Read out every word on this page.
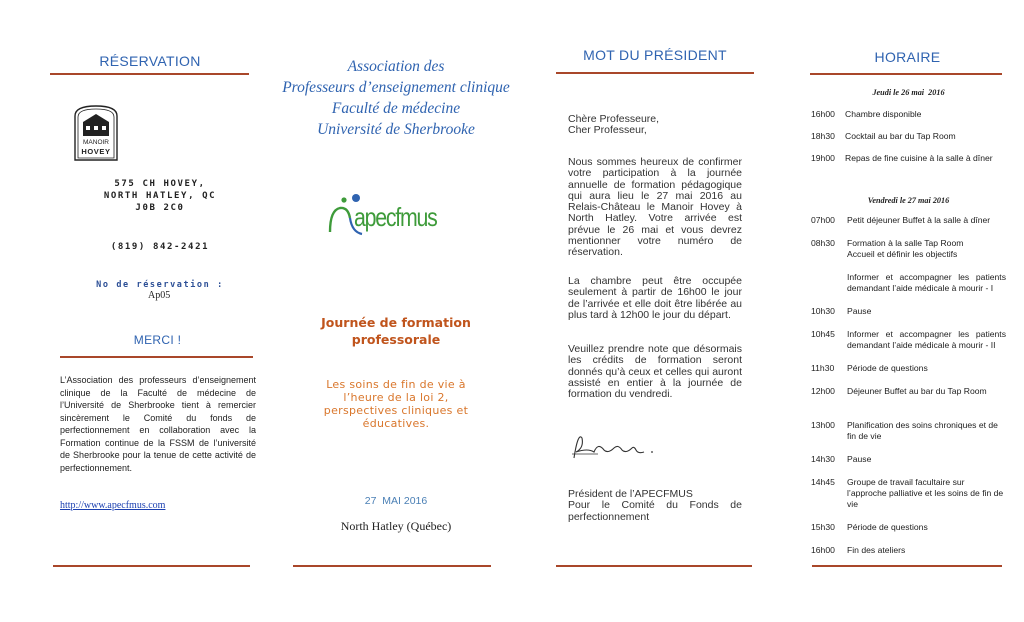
RÉSERVATION
MANOIR
HOVEY
575 CH HOVEY,
NORTH HATLEY, QC
J0B 2C0
(819) 842-2421
No de réservation :
Ap05
MERCI !
L’Association des professeurs d’enseignement clinique de la Faculté de médecine de l’Université de Sherbrooke tient à remercier sincèrement le Comité du fonds de perfectionnement en collaboration avec la Formation continue de la FSSM de l’université de Sherbrooke pour la tenue de cette activité de perfectionnement.
http://www.apecfmus.com
Association des
Professeurs d’enseignement clinique
Faculté de médecine
Université de Sherbrooke
apecfmus
Journée de formation
professorale
Les soins de fin de vie à
l’heure de la loi 2,
perspectives cliniques et
éducatives.
27  MAI 2016
North Hatley (Québec)
MOT DU PRÉSIDENT
Chère Professeure,
Cher Professeur,
Nous sommes heureux de confirmer votre participation à la journée annuelle de formation pédagogique qui aura lieu le 27 mai 2016 au Relais-Château le Manoir Hovey à North Hatley. Votre arrivée est prévue le 26 mai et vous devrez mentionner votre numéro de réservation.
La chambre peut être occupée seulement à partir de 16h00 le jour de l’arrivée et elle doit être libérée au plus tard à 12h00 le jour du départ.
Veuillez prendre note que désormais les crédits de formation seront donnés qu’à ceux et celles qui auront assisté en entier à la journée de formation du vendredi.
Président de l’APECFMUS
Pour le Comité du Fonds de perfectionnement
HORAIRE
Jeudi le 26 mai  2016
16h00 Chambre disponible
18h30 Cocktail au bar du Tap Room
19h00 Repas de fine cuisine à la salle à dîner
Vendredi le 27 mai 2016
07h00 Petit déjeuner Buffet à la salle à dîner
08h30 Formation à la salle Tap Room Accueil et définir les objectifs
Informer et accompagner les patients demandant l’aide médicale à mourir - I
10h30 Pause
10h45 Informer et accompagner les patients demandant l’aide médicale à mourir - II
11h30 Période de questions
12h00 Déjeuner Buffet au bar du Tap Room
13h00 Planification des soins chroniques et de fin de vie
14h30 Pause
14h45 Groupe de travail facultaire sur l’approche palliative et les soins de fin de vie
15h30 Période de questions
16h00 Fin des ateliers
